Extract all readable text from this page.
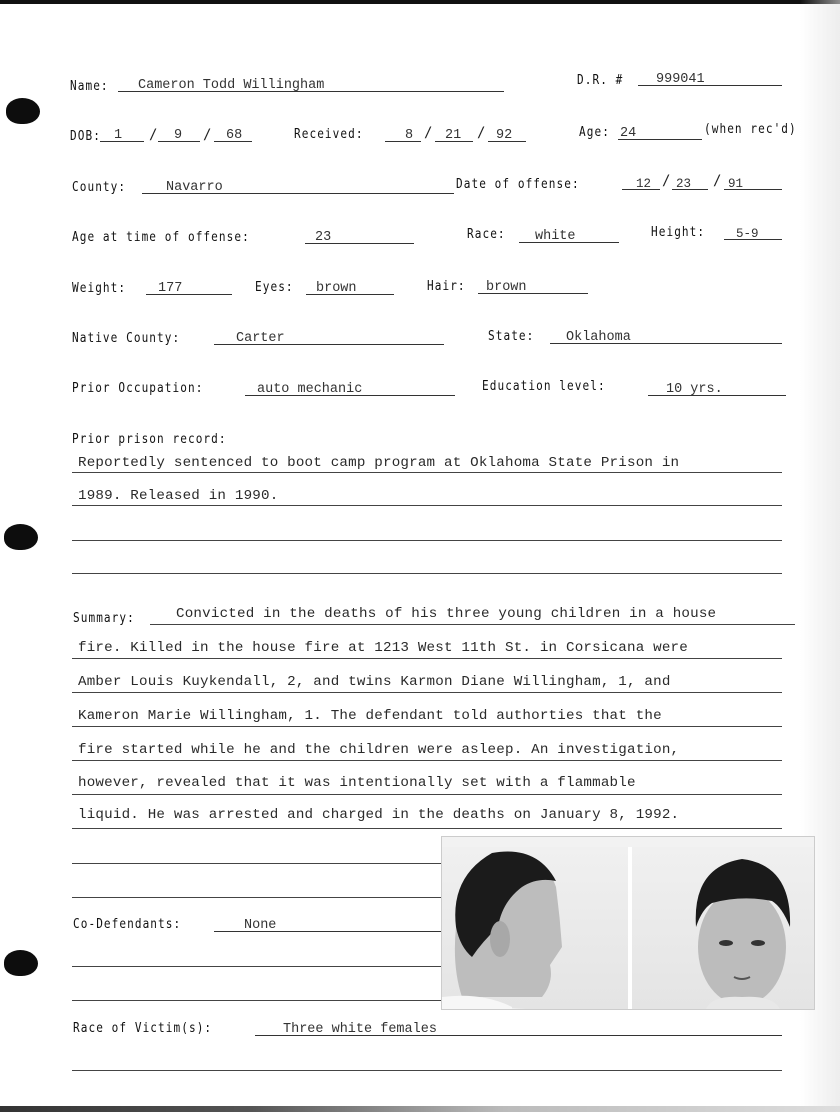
Name:	Cameron Todd Willingham	D.R. #	999041
DOB: 1	/	9	/	68	Received:	8 / 21	/ 92	Age: 24	(when rec'd)
County:	Navarro	Date of offense:	12 / 23	/ 91
Age at time of offense:	23	Race:	white	Height:	5-9
Weight:	177	Eyes:	brown	Hair:	brown
Native County:	Carter	State:	Oklahoma
Prior Occupation:	auto mechanic	Education level:	10 yrs.
Prior prison record:
Reportedly sentenced to boot camp program at Oklahoma State Prison in
1989. Released in 1990.
Summary:	Convicted in the deaths of his three young children in a house
fire. Killed in the house fire at 1213 West 11th St. in Corsicana were
Amber Louis Kuykendall, 2, and twins Karmon Diane Willingham, 1, and
Kameron Marie Willingham, 1. The defendant told authorties that the
fire started while he and the children were asleep. An investigation,
however, revealed that it was intentionally set with a flammable
liquid. He was arrested and charged in the deaths on January 8, 1992.
Co-Defendants:	None
Race of Victim(s):	Three white females
